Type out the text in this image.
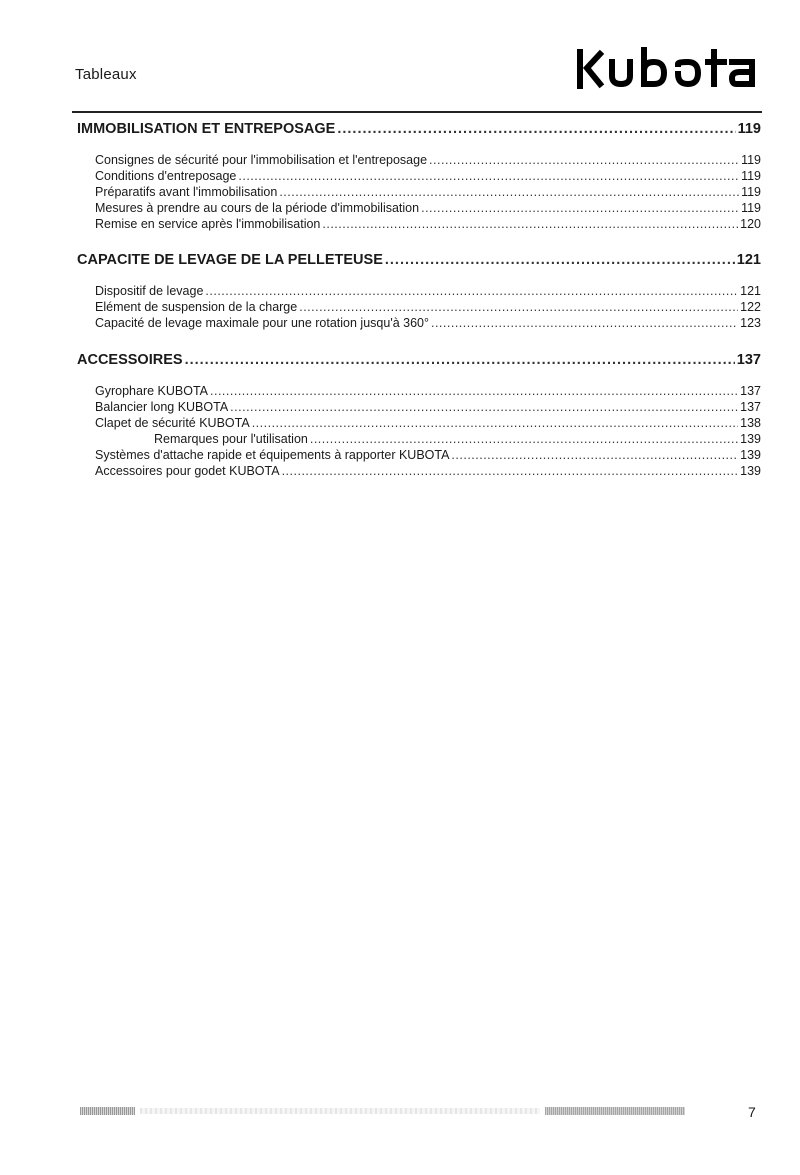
Tableaux
IMMOBILISATION ET ENTREPOSAGE .....	119
Consignes de sécurité pour l'immobilisation et l'entreposage .....	119
Conditions d'entreposage .....	119
Préparatifs avant l'immobilisation .....	119
Mesures à prendre au cours de la période d'immobilisation .....	119
Remise en service après l'immobilisation .....	120
CAPACITE DE LEVAGE DE LA PELLETEUSE .....	121
Dispositif de levage .....	121
Elément de suspension de la charge .....	122
Capacité de levage maximale pour une rotation jusqu'à 360° .....	123
ACCESSOIRES .....	137
Gyrophare KUBOTA .....	137
Balancier long KUBOTA .....	137
Clapet de sécurité KUBOTA .....	138
Remarques pour l'utilisation .....	139
Systèmes d'attache rapide et équipements à rapporter KUBOTA .....	139
Accessoires pour godet KUBOTA .....	139
7
